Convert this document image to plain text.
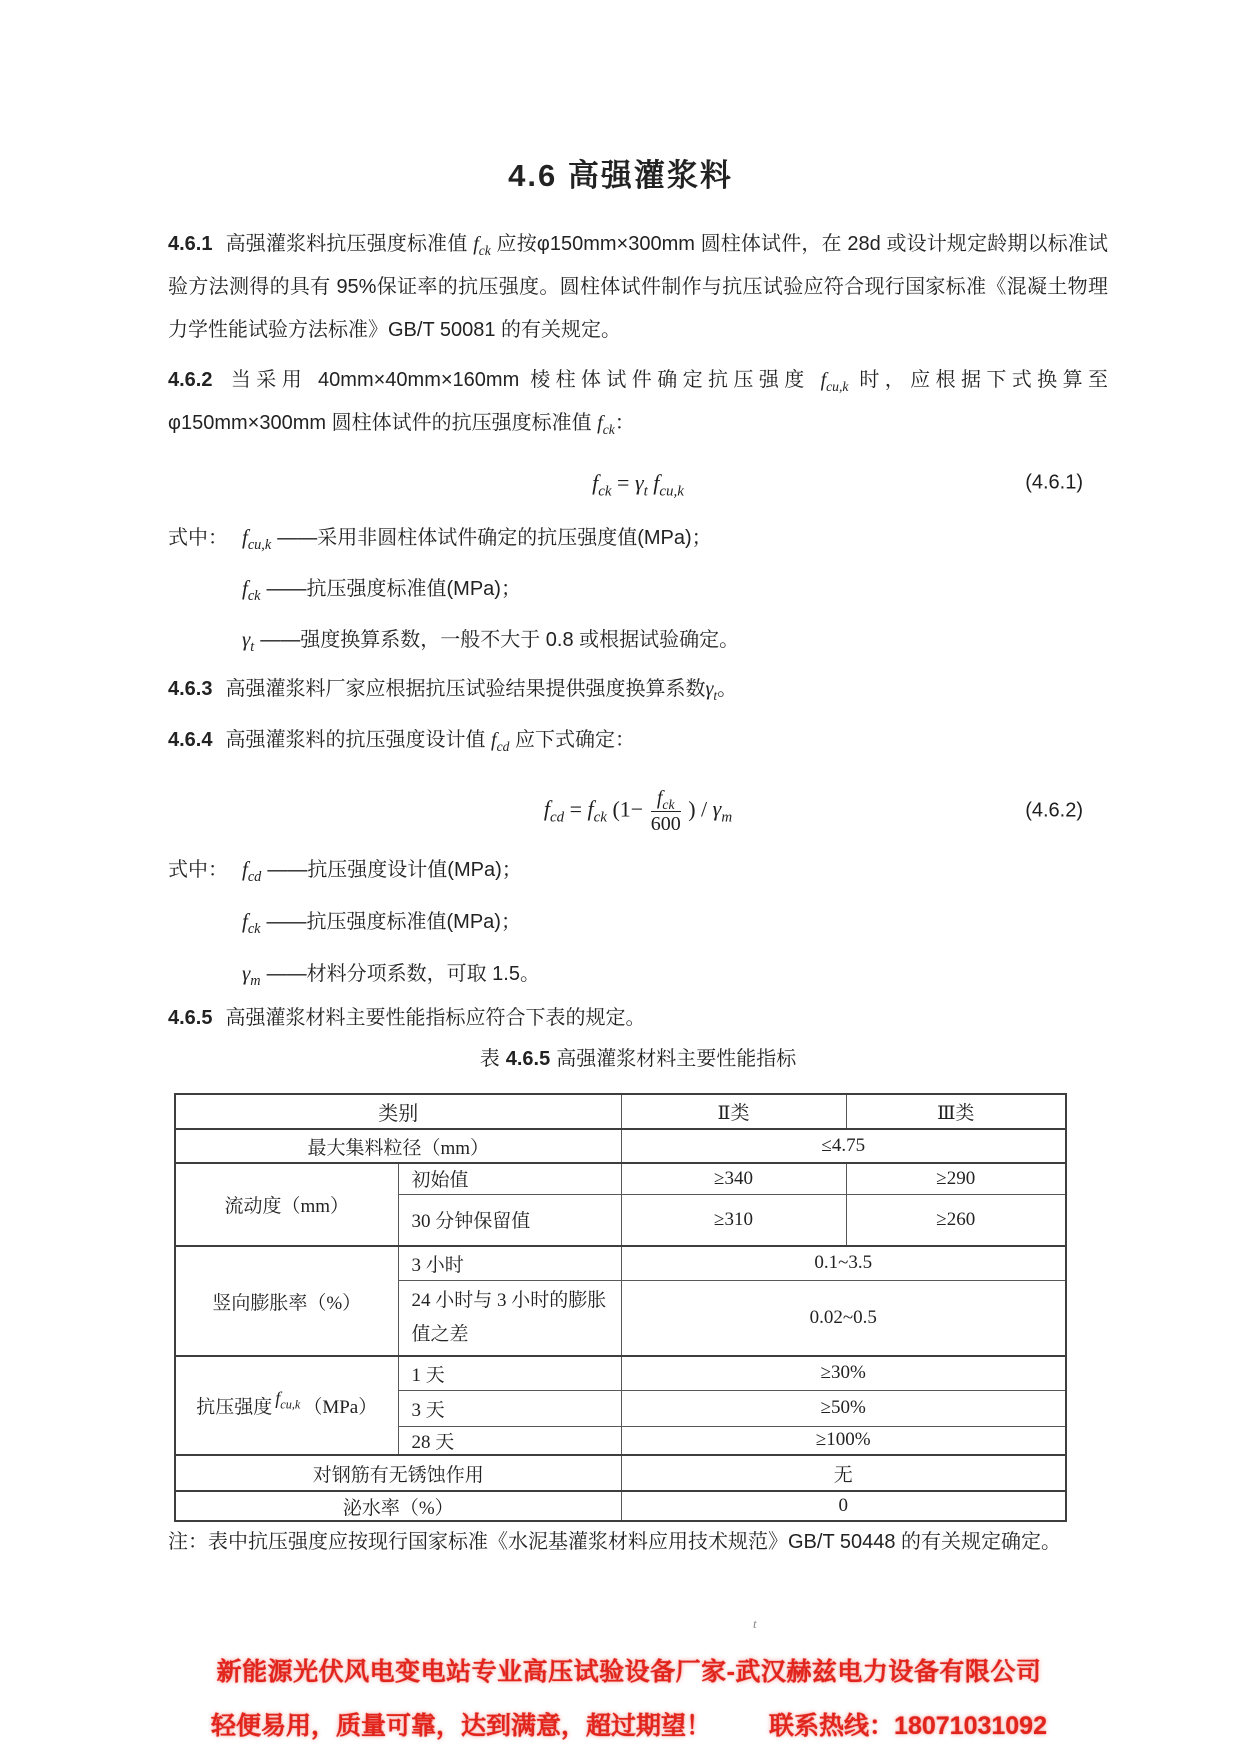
4.6 高强灌浆料
4.6.1 高强灌浆料抗压强度标准值 $f_{ck}$ 应按φ150mm×300mm 圆柱体试件，在 28d 或设计规定龄期以标准试验方法测得的具有 95%保证率的抗压强度。圆柱体试件制作与抗压试验应符合现行国家标准《混凝土物理力学性能试验方法标准》GB/T 50081 的有关规定。
4.6.2 当采用 40mm×40mm×160mm 棱柱体试件确定抗压强度 $f_{cu,k}$ 时，应根据下式换算至φ150mm×300mm 圆柱体试件的抗压强度标准值 $f_{ck}$：
$f_{ck} = \gamma_t$ $f_{cu,k}$	(4.6.1)
式中： $f_{cu,k}$ ——采用非圆柱体试件确定的抗压强度值(MPa)；
$f_{ck}$ ——抗压强度标准值(MPa)；
$\gamma_t$ ——强度换算系数，一般不大于 0.8 或根据试验确定。
4.6.3 高强灌浆料厂家应根据抗压试验结果提供强度换算系数$\gamma_t$。
4.6.4 高强灌浆料的抗压强度设计值 $f_{cd}$ 应下式确定：
$f_{cd} = f_{ck}$ ($1- \frac{f_{ck}}{600}$ ) / $\gamma_m$	(4.6.2)
式中： $f_{cd}$ ——抗压强度设计值(MPa)；
$f_{ck}$ ——抗压强度标准值(MPa)；
$\gamma_m$ ——材料分项系数，可取 1.5。
4.6.5 高强灌浆材料主要性能指标应符合下表的规定。
表 4.6.5 高强灌浆材料主要性能指标
类别		Ⅱ类	Ⅲ类
最大集料粒径（mm）		≤4.75	
流动度（mm）	初始值	≥340	≥290
	30 分钟保留值	≥310	≥260
竖向膨胀率（%）	3 小时	0.1~3.5	
	24 小时与 3 小时的膨胀值之差	0.02~0.5	
抗压强度 $f_{cu,k}$ （MPa）	1 天	≥30%	
	3 天	≥50%	
	28 天	≥100%	
对钢筋有无锈蚀作用		无	
泌水率（%）		0	
注：表中抗压强度应按现行国家标准《水泥基灌浆材料应用技术规范》GB/T 50448 的有关规定确定。
t
新能源光伏风电变电站专业高压试验设备厂家-武汉赫兹电力设备有限公司
轻便易用，质量可靠，达到满意，超过期望！ 联系热线：18071031092
